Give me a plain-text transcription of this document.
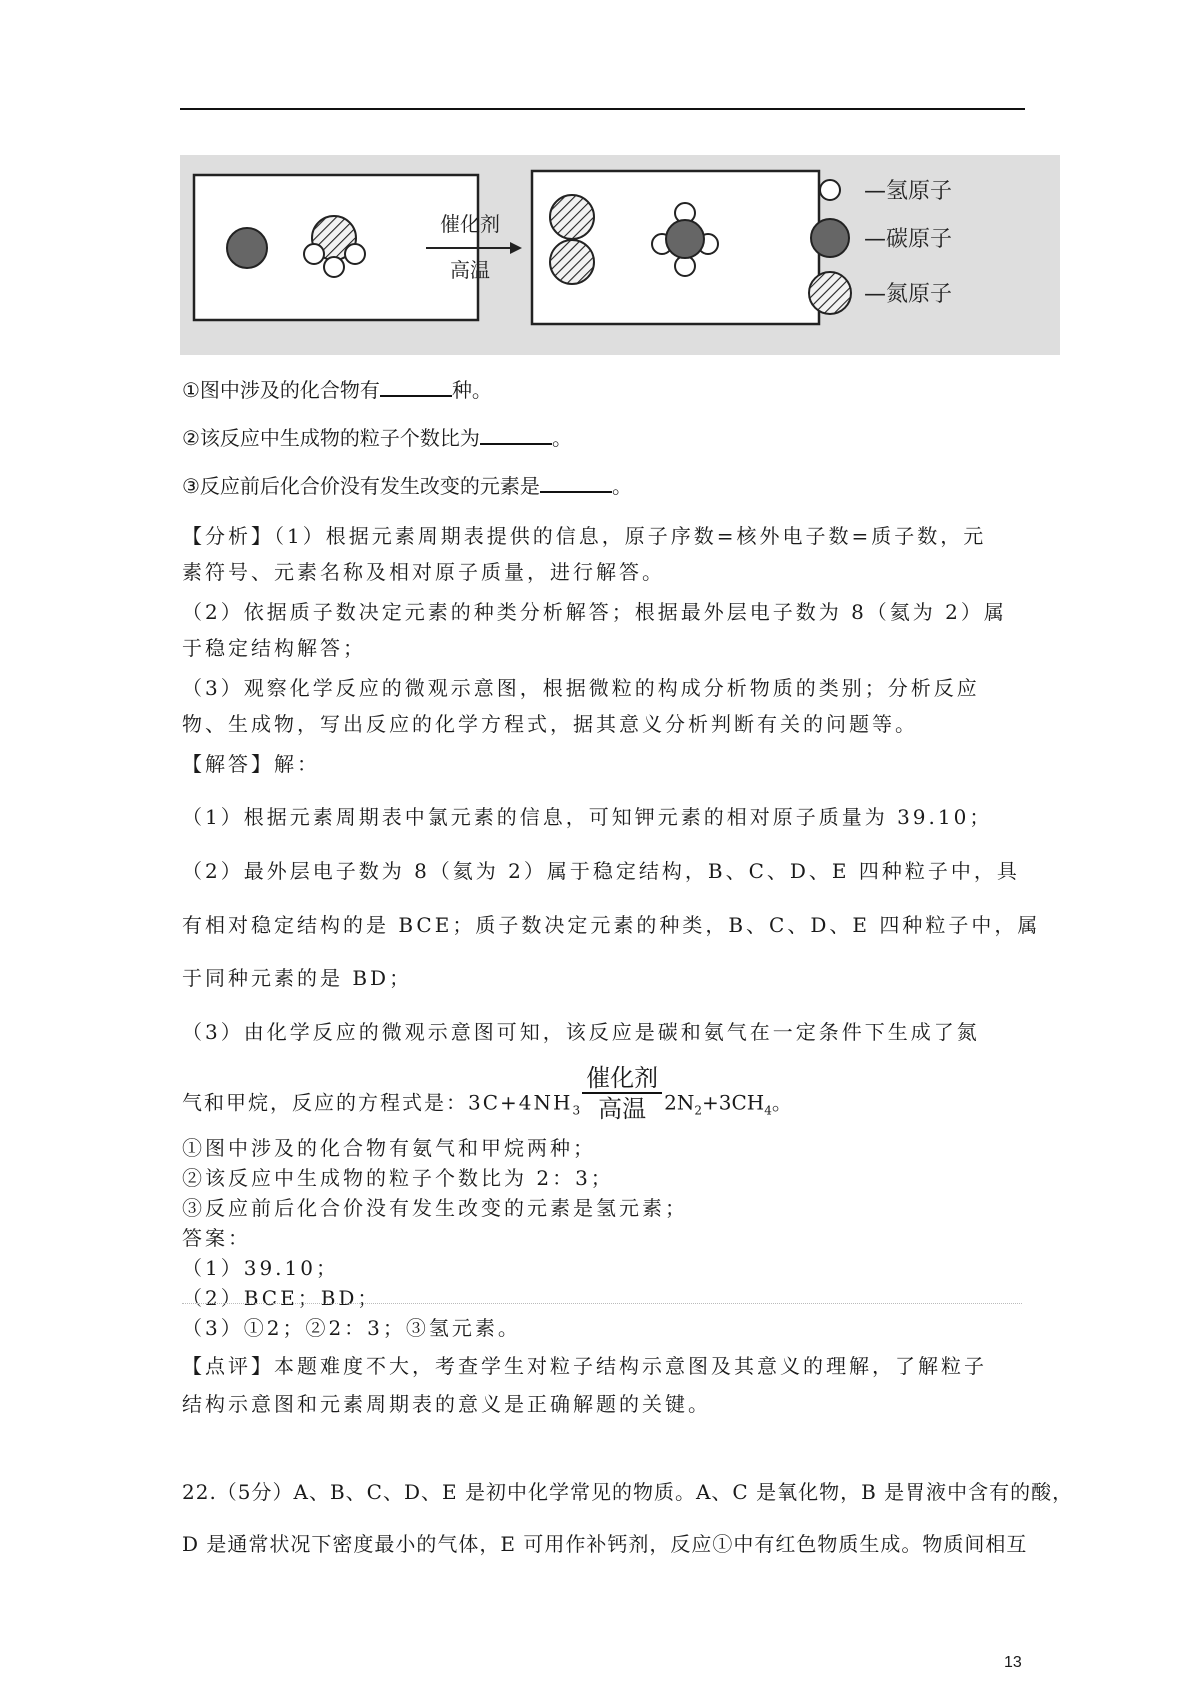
催化剂
高温
—氢原子
—碳原子
—氮原子
①图中涉及的化合物有	种。
②该反应中生成物的粒子个数比为	。
③反应前后化合价没有发生改变的元素是	。
【分析】（1）根据元素周期表提供的信息，原子序数=核外电子数=质子数，元
素符号、元素名称及相对原子质量，进行解答。
（2）依据质子数决定元素的种类分析解答；根据最外层电子数为 8（氦为 2）属
于稳定结构解答；
（3）观察化学反应的微观示意图，根据微粒的构成分析物质的类别；分析反应
物、生成物，写出反应的化学方程式，据其意义分析判断有关的问题等。
【解答】解：
（1）根据元素周期表中氯元素的信息，可知钾元素的相对原子质量为 39.10；
（2）最外层电子数为 8（氦为 2）属于稳定结构，B、C、D、E 四种粒子中，具
有相对稳定结构的是 BCE；质子数决定元素的种类，B、C、D、E 四种粒子中，属
于同种元素的是 BD；
（3）由化学反应的微观示意图可知，该反应是碳和氨气在一定条件下生成了氮
气和甲烷，反应的方程式是：$3C+4NH_3$
催化剂
高温 $2N_2+3CH_4$。
①图中涉及的化合物有氨气和甲烷两种；
②该反应中生成物的粒子个数比为 2：3；
③反应前后化合价没有发生改变的元素是氢元素；
答案：
（1）39.10；
（2）BCE；BD；
（3）①2；②2：3；③氢元素。
【点评】本题难度不大，考查学生对粒子结构示意图及其意义的理解，了解粒子
结构示意图和元素周期表的意义是正确解题的关键。
22.（5分）A、B、C、D、E 是初中化学常见的物质。A、C 是氧化物，B 是胃液中含有的酸，
D 是通常状况下密度最小的气体，E 可用作补钙剂，反应①中有红色物质生成。物质间相互
13
